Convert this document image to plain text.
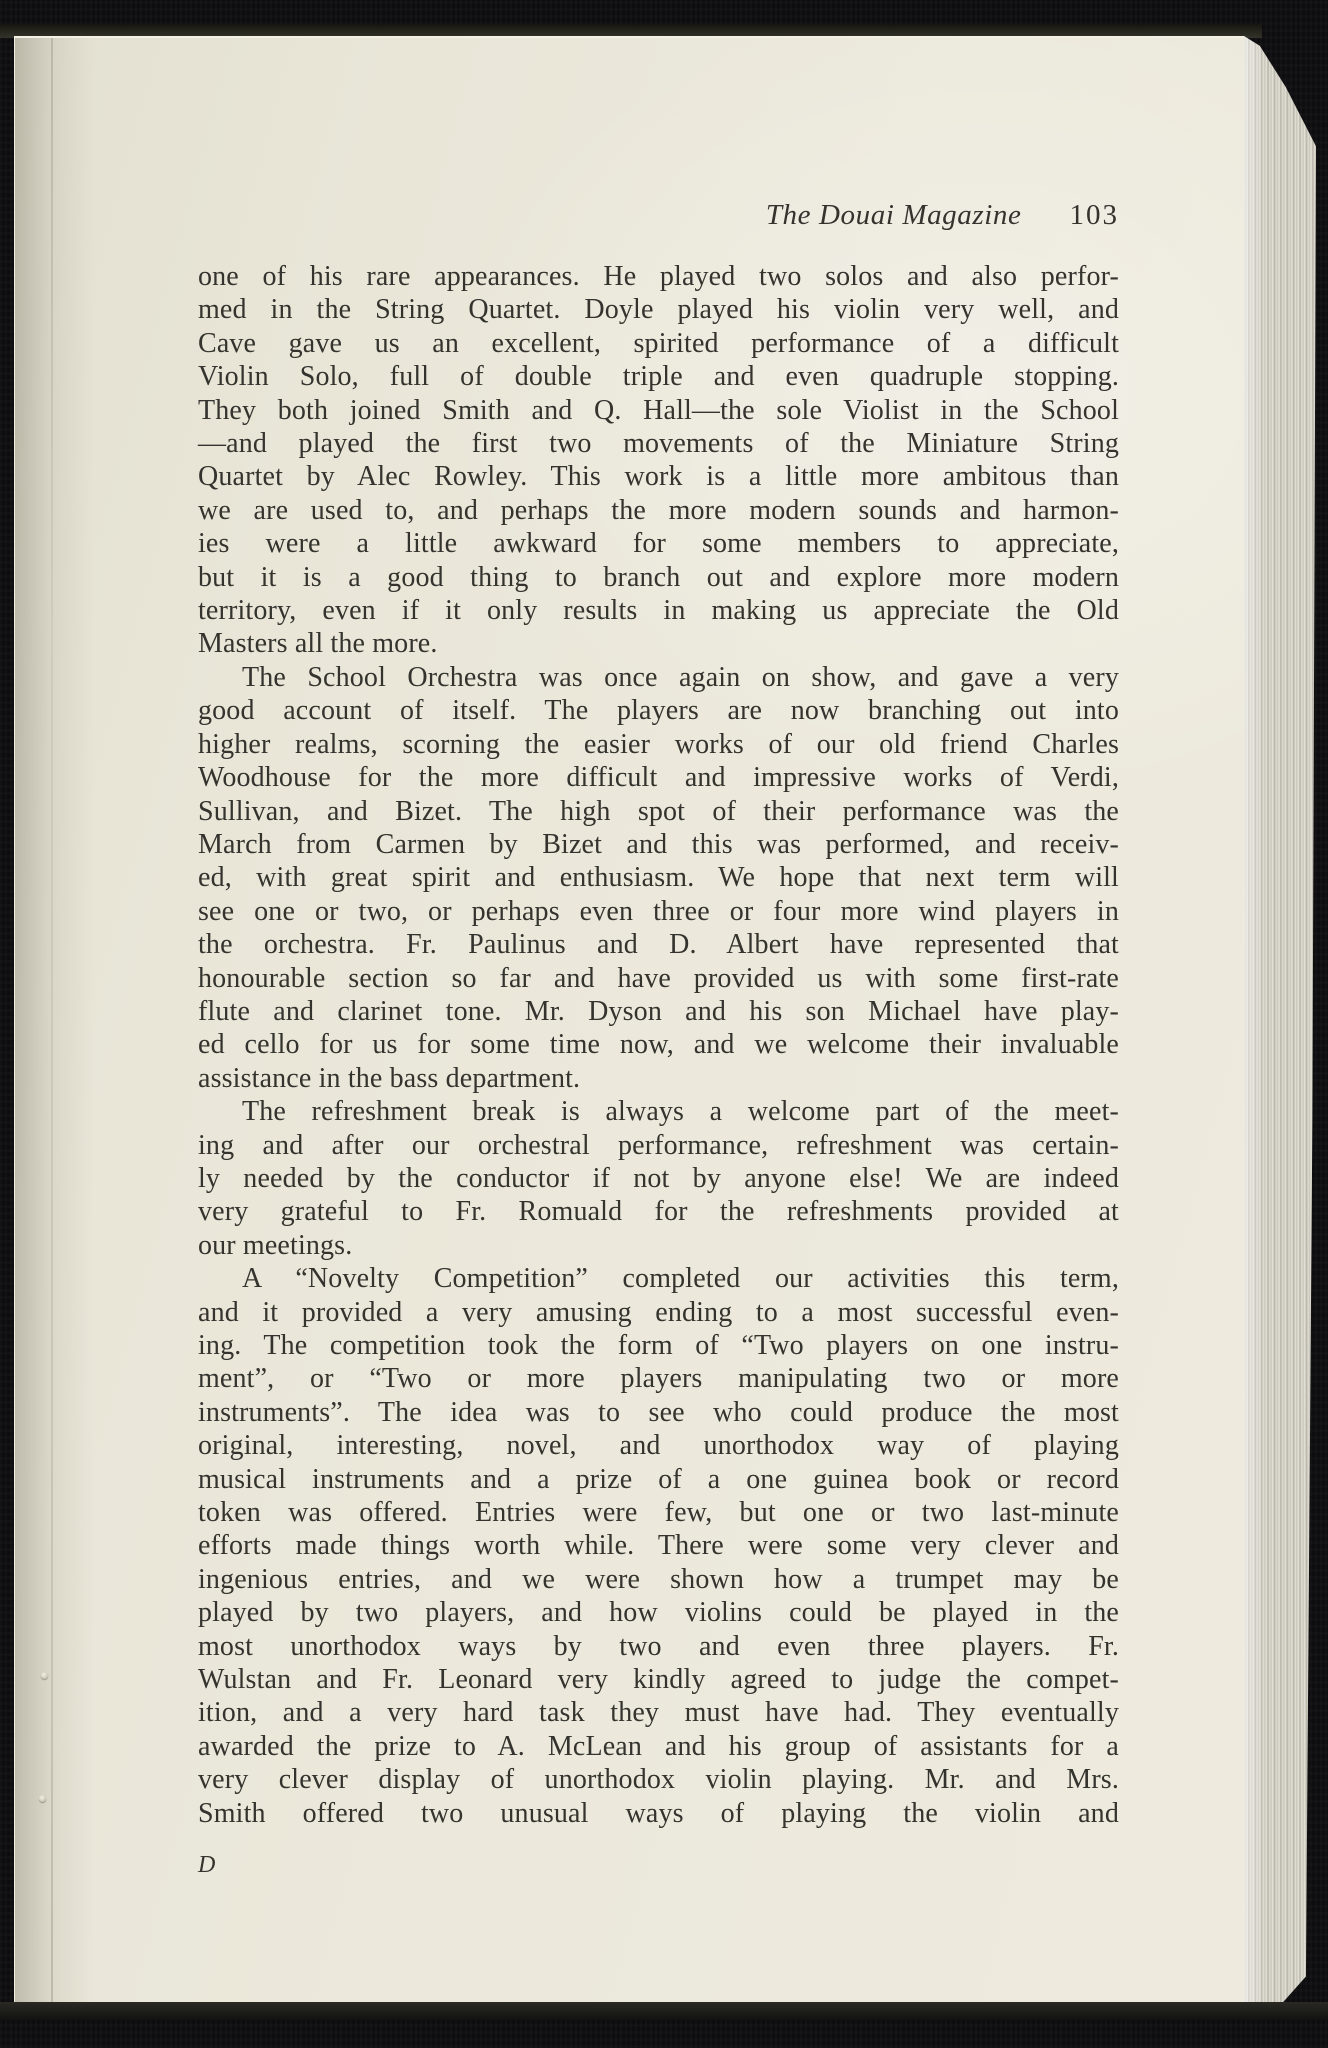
The Douai Magazine 103
one of his rare appearances. He played two solos and also perfor-
med in the String Quartet. Doyle played his violin very well, and
Cave gave us an excellent, spirited performance of a difficult
Violin Solo, full of double triple and even quadruple stopping.
They both joined Smith and Q. Hall—the sole Violist in the School
—and played the first two movements of the Miniature String
Quartet by Alec Rowley. This work is a little more ambitous than
we are used to, and perhaps the more modern sounds and harmon-
ies were a little awkward for some members to appreciate,
but it is a good thing to branch out and explore more modern
territory, even if it only results in making us appreciate the Old
Masters all the more.
The School Orchestra was once again on show, and gave a very
good account of itself. The players are now branching out into
higher realms, scorning the easier works of our old friend Charles
Woodhouse for the more difficult and impressive works of Verdi,
Sullivan, and Bizet. The high spot of their performance was the
March from Carmen by Bizet and this was performed, and receiv-
ed, with great spirit and enthusiasm. We hope that next term will
see one or two, or perhaps even three or four more wind players in
the orchestra. Fr. Paulinus and D. Albert have represented that
honourable section so far and have provided us with some first-rate
flute and clarinet tone. Mr. Dyson and his son Michael have play-
ed cello for us for some time now, and we welcome their invaluable
assistance in the bass department.
The refreshment break is always a welcome part of the meet-
ing and after our orchestral performance, refreshment was certain-
ly needed by the conductor if not by anyone else! We are indeed
very grateful to Fr. Romuald for the refreshments provided at
our meetings.
A “Novelty Competition” completed our activities this term,
and it provided a very amusing ending to a most successful even-
ing. The competition took the form of “Two players on one instru-
ment”, or “Two or more players manipulating two or more
instruments”. The idea was to see who could produce the most
original, interesting, novel, and unorthodox way of playing
musical instruments and a prize of a one guinea book or record
token was offered. Entries were few, but one or two last-minute
efforts made things worth while. There were some very clever and
ingenious entries, and we were shown how a trumpet may be
played by two players, and how violins could be played in the
most unorthodox ways by two and even three players. Fr.
Wulstan and Fr. Leonard very kindly agreed to judge the compet-
ition, and a very hard task they must have had. They eventually
awarded the prize to A. McLean and his group of assistants for a
very clever display of unorthodox violin playing. Mr. and Mrs.
Smith offered two unusual ways of playing the violin and
D
